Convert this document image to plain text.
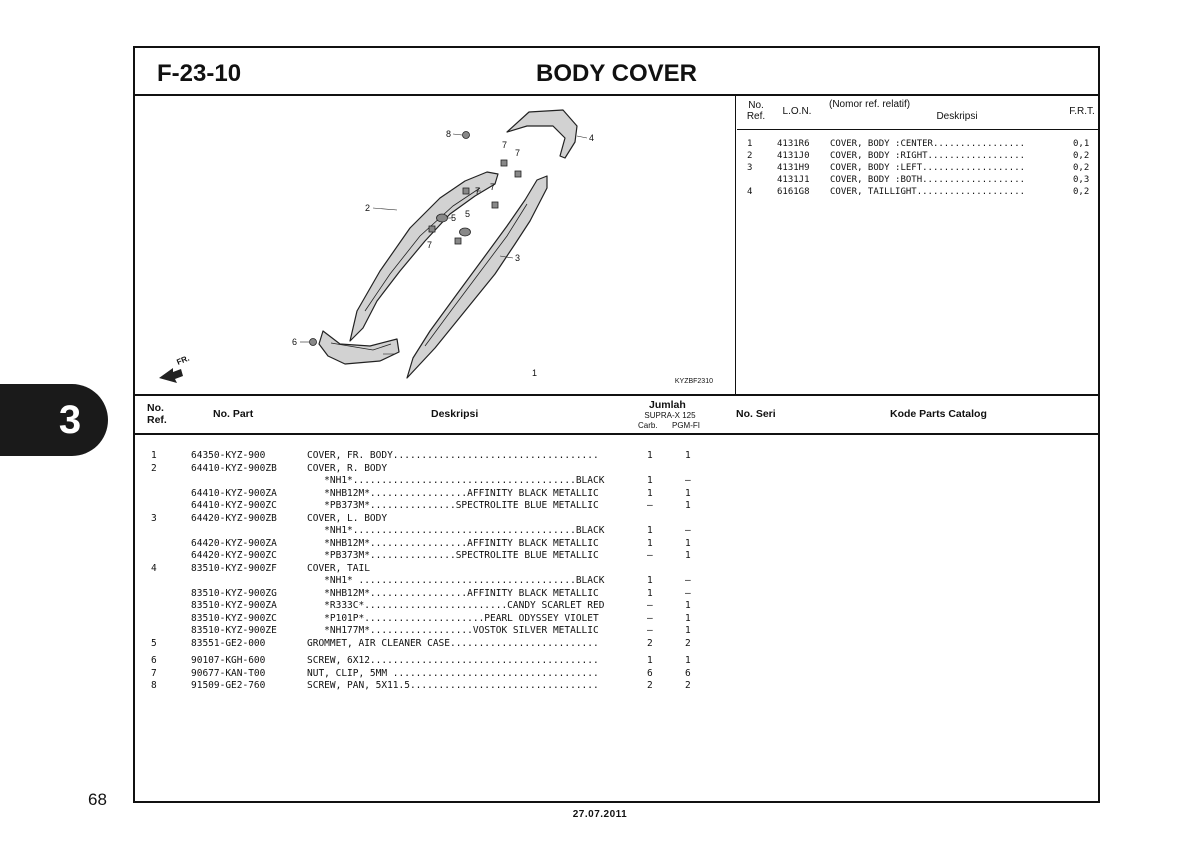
3
68
27.07.2011
F-23-10	BODY COVER
1
2
3
4
5 5
6
7
7
7 7
7
8
FR.
KYZBF2310
No. Ref.	L.O.N.
(Nomor ref. relatif)
Deskripsi	F.R.T.
1	4131R6 COVER, BODY :CENTER.................	0,1
2	4131J0 COVER, BODY :RIGHT..................	0,2
3	4131H9 COVER, BODY :LEFT...................	0,2
4131J1 COVER, BODY :BOTH...................	0,3
4	6161G8 COVER, TAILLIGHT....................	0,2
No. Ref.	No. Part	Deskripsi
Jumlah
SUPRA-X 125
Carb. PGM-FI
No. Seri	Kode Parts Catalog
1	64350-KYZ-900	COVER, FR. BODY....................................	1	1
2	64410-KYZ-900ZB	COVER, R. BODY
*NH1*.......................................BLACK	1	–
64410-KYZ-900ZA	*NHB12M*.................AFFINITY BLACK METALLIC	1	1
64410-KYZ-900ZC	*PB373M*...............SPECTROLITE BLUE METALLIC	–	1
3	64420-KYZ-900ZB	COVER, L. BODY
*NH1*.......................................BLACK	1	–
64420-KYZ-900ZA	*NHB12M*.................AFFINITY BLACK METALLIC	1	1
64420-KYZ-900ZC	*PB373M*...............SPECTROLITE BLUE METALLIC	–	1
4	83510-KYZ-900ZF	COVER, TAIL
*NH1* ......................................BLACK	1	–
83510-KYZ-900ZG	*NHB12M*.................AFFINITY BLACK METALLIC	1	–
83510-KYZ-900ZA	*R333C*.........................CANDY SCARLET RED	–	1
83510-KYZ-900ZC	*P101P*.....................PEARL ODYSSEY VIOLET	–	1
83510-KYZ-900ZE	*NH177M*..................VOSTOK SILVER METALLIC	–	1
5	83551-GE2-000	GROMMET, AIR CLEANER CASE..........................	2	2
6	90107-KGH-600	SCREW, 6X12........................................	1	1
7	90677-KAN-T00	NUT, CLIP, 5MM ....................................	6	6
8	91509-GE2-760	SCREW, PAN, 5X11.5.................................	2	2
